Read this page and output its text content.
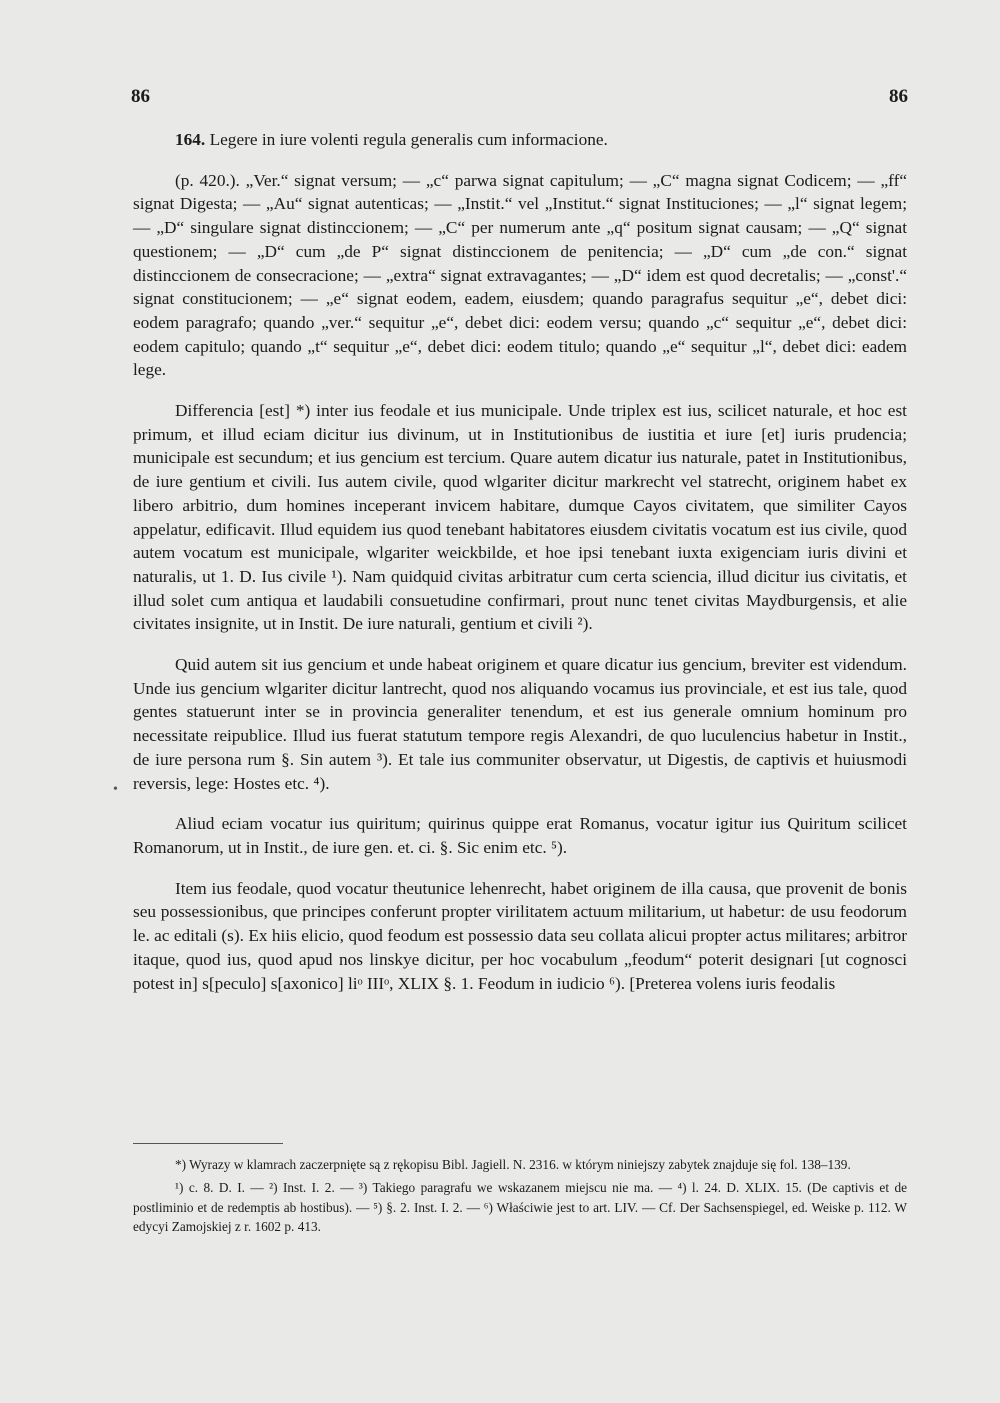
86	86
•

164. Legere in iure volenti regula generalis cum informacione.

(p. 420.). „Ver.“ signat versum; — „c“ parwa signat capitulum; — „C“ magna signat Codicem; — „ff“ signat Digesta; — „Au“ signat autenticas; — „Instit.“ vel „Institut.“ signat Instituciones; — „l“ signat legem; — „D“ singulare signat distinccionem; — „C“ per numerum ante „q“ positum signat causam; — „Q“ signat questionem; — „D“ cum „de P“ signat distinccionem de penitencia; — „D“ cum „de con.“ signat distinccionem de consecracione; — „extra“ signat extravagantes; — „D“ idem est quod decretalis; — „const'.“ signat constitucionem; — „e“ signat eodem, eadem, eiusdem; quando paragrafus sequitur „e“, debet dici: eodem paragrafo; quando „ver.“ sequitur „e“, debet dici: eodem versu; quando „c“ sequitur „e“, debet dici: eodem capitulo; quando „t“ sequitur „e“, debet dici: eodem titulo; quando „e“ sequitur „l“, debet dici: eadem lege.

Differencia [est] *) inter ius feodale et ius municipale. Unde triplex est ius, scilicet naturale, et hoc est primum, et illud eciam dicitur ius divinum, ut in Institutionibus de iustitia et iure [et] iuris prudencia; municipale est secundum; et ius gencium est tercium. Quare autem dicatur ius naturale, patet in Institutionibus, de iure gentium et civili. Ius autem civile, quod wlgariter dicitur markrecht vel statrecht, originem habet ex libero arbitrio, dum homines inceperant invicem habitare, dumque Cayos civitatem, que similiter Cayos appelatur, edificavit. Illud equidem ius quod tenebant habitatores eiusdem civitatis vocatum est ius civile, quod autem vocatum est municipale, wlgariter weickbilde, et hoe ipsi tenebant iuxta exigenciam iuris divini et naturalis, ut 1. D. Ius civile ¹). Nam quidquid civitas arbitratur cum certa sciencia, illud dicitur ius civitatis, et illud solet cum antiqua et laudabili consuetudine confirmari, prout nunc tenet civitas Maydburgensis, et alie civitates insignite, ut in Instit. De iure naturali, gentium et civili ²).

Quid autem sit ius gencium et unde habeat originem et quare dicatur ius gencium, breviter est videndum. Unde ius gencium wlgariter dicitur lantrecht, quod nos aliquando vocamus ius provinciale, et est ius tale, quod gentes statuerunt inter se in provincia generaliter tenendum, et est ius generale omnium hominum pro necessitate reipublice. Illud ius fuerat statutum tempore regis Alexandri, de quo luculencius habetur in Instit., de iure persona rum §. Sin autem ³). Et tale ius communiter observatur, ut Digestis, de captivis et huiusmodi reversis, lege: Hostes etc. ⁴).

Aliud eciam vocatur ius quiritum; quirinus quippe erat Romanus, vocatur igitur ius Quiritum scilicet Romanorum, ut in Instit., de iure gen. et. ci. §. Sic enim etc. ⁵).

Item ius feodale, quod vocatur theutunice lehenrecht, habet originem de illa causa, que provenit de bonis seu possessionibus, que principes conferunt propter virilitatem actuum militarium, ut habetur: de usu feodorum le. ac editali (s). Ex hiis elicio, quod feodum est possessio data seu collata alicui propter actus militares; arbitror itaque, quod ius, quod apud nos linskye dicitur, per hoc vocabulum „feodum“ poterit designari [ut cognosci potest in] s[peculo] s[axonico] liᵒ IIIᵒ, XLIX §. 1. Feodum in iudicio ⁶). [Preterea volens iuris feodalis

*) Wyrazy w klamrach zaczerpnięte są z rękopisu Bibl. Jagiell. N. 2316. w którym niniejszy zabytek znajduje się fol. 138–139.

¹) c. 8. D. I. — ²) Inst. I. 2. — ³) Takiego paragrafu we wskazanem miejscu nie ma. — ⁴) l. 24. D. XLIX. 15. (De captivis et de postliminio et de redemptis ab hostibus). — ⁵) §. 2. Inst. I. 2. — ⁶) Właściwie jest to art. LIV. — Cf. Der Sachsenspiegel, ed. Weiske p. 112. W edycyi Zamojskiej z r. 1602 p. 413.
